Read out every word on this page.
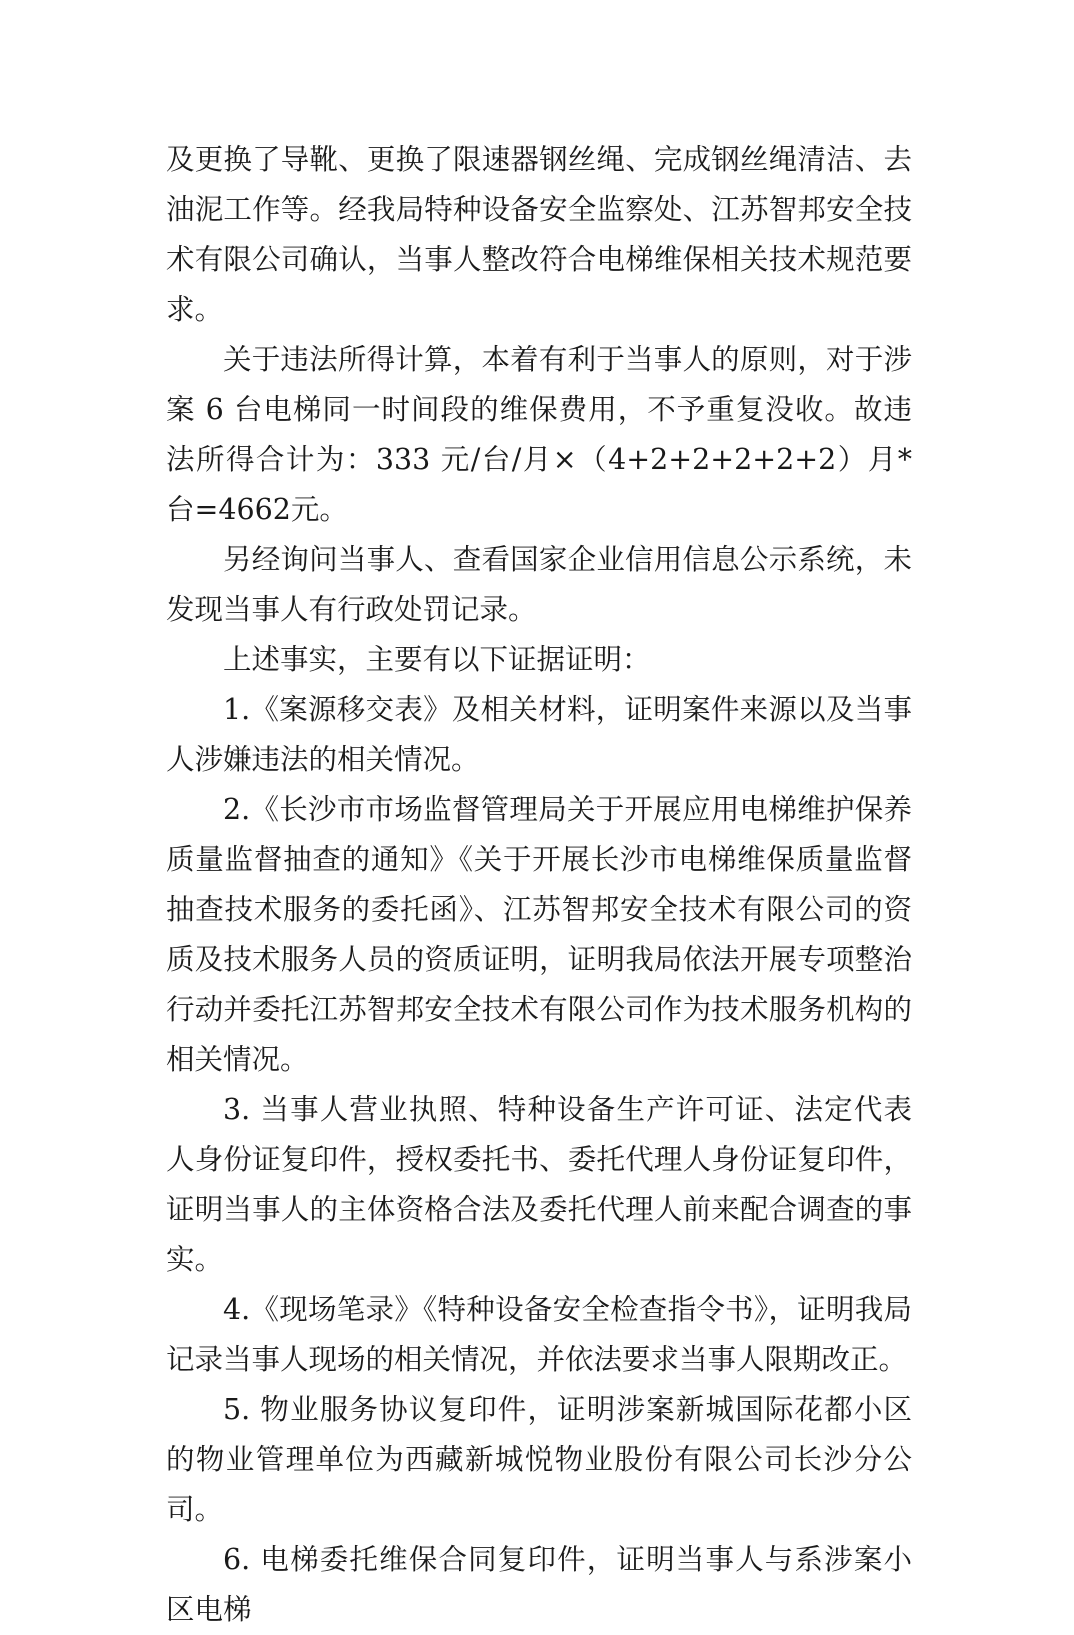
及更换了导靴、更换了限速器钢丝绳、完成钢丝绳清洁、去油泥工作等。经我局特种设备安全监察处、江苏智邦安全技术有限公司确认，当事人整改符合电梯维保相关技术规范要求。

关于违法所得计算，本着有利于当事人的原则，对于涉案 6 台电梯同一时间段的维保费用，不予重复没收。故违法所得合计为：333 元/台/月×（4+2+2+2+2+2）月*台=4662元。

另经询问当事人、查看国家企业信用信息公示系统，未发现当事人有行政处罚记录。

上述事实，主要有以下证据证明：

1.《案源移交表》及相关材料，证明案件来源以及当事人涉嫌违法的相关情况。

2.《长沙市市场监督管理局关于开展应用电梯维护保养质量监督抽查的通知》《关于开展长沙市电梯维保质量监督抽查技术服务的委托函》、江苏智邦安全技术有限公司的资质及技术服务人员的资质证明，证明我局依法开展专项整治行动并委托江苏智邦安全技术有限公司作为技术服务机构的相关情况。

3. 当事人营业执照、特种设备生产许可证、法定代表人身份证复印件，授权委托书、委托代理人身份证复印件，证明当事人的主体资格合法及委托代理人前来配合调查的事实。

4.《现场笔录》《特种设备安全检查指令书》，证明我局记录当事人现场的相关情况，并依法要求当事人限期改正。

5. 物业服务协议复印件，证明涉案新城国际花都小区的物业管理单位为西藏新城悦物业股份有限公司长沙分公司。

6. 电梯委托维保合同复印件，证明当事人与系涉案小区电梯
